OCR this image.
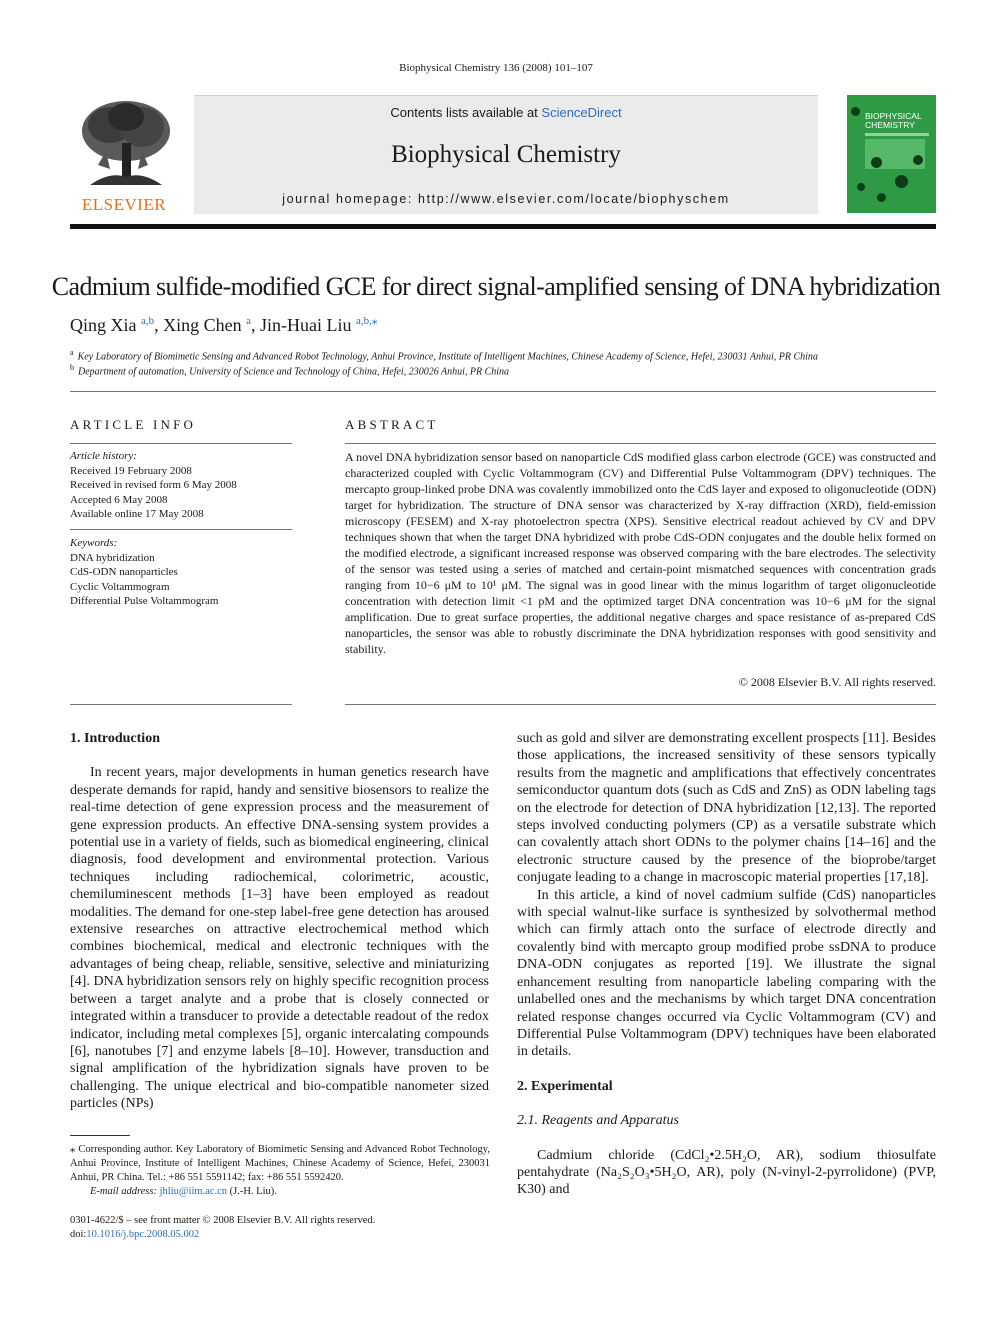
Biophysical Chemistry 136 (2008) 101–107
ELSEVIER
Contents lists available at ScienceDirect
Biophysical Chemistry
journal homepage: http://www.elsevier.com/locate/biophyschem
BIOPHYSICAL CHEMISTRY
Cadmium sulfide-modified GCE for direct signal-amplified sensing of DNA hybridization
Qing Xia $^{a,b}$, Xing Chen $^a$, Jin-Huai Liu $^{a,b,⁎}$
$^a$ Key Laboratory of Biomimetic Sensing and Advanced Robot Technology, Anhui Province, Institute of Intelligent Machines, Chinese Academy of Science, Hefei, 230031 Anhui, PR China
$^b$ Department of automation, University of Science and Technology of China, Hefei, 230026 Anhui, PR China
ARTICLE INFO
Article history:
Received 19 February 2008
Received in revised form 6 May 2008
Accepted 6 May 2008
Available online 17 May 2008
Keywords:
DNA hybridization
CdS-ODN nanoparticles
Cyclic Voltammogram
Differential Pulse Voltammogram
ABSTRACT
A novel DNA hybridization sensor based on nanoparticle CdS modified glass carbon electrode (GCE) was constructed and characterized coupled with Cyclic Voltammogram (CV) and Differential Pulse Voltammogram (DPV) techniques. The mercapto group-linked probe DNA was covalently immobilized onto the CdS layer and exposed to oligonucleotide (ODN) target for hybridization. The structure of DNA sensor was characterized by X-ray diffraction (XRD), field-emission microscopy (FESEM) and X-ray photoelectron spectra (XPS). Sensitive electrical readout achieved by CV and DPV techniques shown that when the target DNA hybridized with probe CdS-ODN conjugates and the double helix formed on the modified electrode, a significant increased response was observed comparing with the bare electrodes. The selectivity of the sensor was tested using a series of matched and certain-point mismatched sequences with concentration grads ranging from 10−6 μM to 10¹ μM. The signal was in good linear with the minus logarithm of target oligonucleotide concentration with detection limit <1 pM and the optimized target DNA concentration was 10−6 μM for the signal amplification. Due to great surface properties, the additional negative charges and space resistance of as-prepared CdS nanoparticles, the sensor was able to robustly discriminate the DNA hybridization responses with good sensitivity and stability.
© 2008 Elsevier B.V. All rights reserved.
1. Introduction

In recent years, major developments in human genetics research have desperate demands for rapid, handy and sensitive biosensors to realize the real-time detection of gene expression process and the measurement of gene expression products. An effective DNA-sensing system provides a potential use in a variety of fields, such as biomedical engineering, clinical diagnosis, food development and environmental protection. Various techniques including radiochemical, colorimetric, acoustic, chemiluminescent methods [1–3] have been employed as readout modalities. The demand for one-step label-free gene detection has aroused extensive researches on attractive electrochemical method which combines biochemical, medical and electronic techniques with the advantages of being cheap, reliable, sensitive, selective and miniaturizing [4]. DNA hybridization sensors rely on highly specific recognition process between a target analyte and a probe that is closely connected or integrated within a transducer to provide a detectable readout of the redox indicator, including metal complexes [5], organic intercalating compounds [6], nanotubes [7] and enzyme labels [8–10]. However, transduction and signal amplification of the hybridization signals have proven to be challenging. The unique electrical and bio-compatible nanometer sized particles (NPs)

such as gold and silver are demonstrating excellent prospects [11]. Besides those applications, the increased sensitivity of these sensors typically results from the magnetic and amplifications that effectively concentrates semiconductor quantum dots (such as CdS and ZnS) as ODN labeling tags on the electrode for detection of DNA hybridization [12,13]. The reported steps involved conducting polymers (CP) as a versatile substrate which can covalently attach short ODNs to the polymer chains [14–16] and the electronic structure caused by the presence of the bioprobe/target conjugate leading to a change in macroscopic material properties [17,18].

In this article, a kind of novel cadmium sulfide (CdS) nanoparticles with special walnut-like surface is synthesized by solvothermal method which can firmly attach onto the surface of electrode directly and covalently bind with mercapto group modified probe ssDNA to produce DNA-ODN conjugates as reported [19]. We illustrate the signal enhancement resulting from nanoparticle labeling comparing with the unlabelled ones and the mechanisms by which target DNA concentration related response changes occurred via Cyclic Voltammogram (CV) and Differential Pulse Voltammogram (DPV) techniques have been elaborated in details.

2. Experimental
2.1. Reagents and Apparatus

Cadmium chloride (CdCl₂•2.5H₂O, AR), sodium thiosulfate pentahydrate (Na₂S₂O₃•5H₂O, AR), poly (N-vinyl-2-pyrrolidone) (PVP, K30) and

⁎ Corresponding author. Key Laboratory of Biomimetic Sensing and Advanced Robot Technology, Anhui Province, Institute of Intelligent Machines, Chinese Academy of Science, Hefei, 230031 Anhui, PR China. Tel.: +86 551 5591142; fax: +86 551 5592420.
E-mail address: jhliu@iim.ac.cn (J.-H. Liu).
0301-4622/$ – see front matter © 2008 Elsevier B.V. All rights reserved.
doi:10.1016/j.bpc.2008.05.002
